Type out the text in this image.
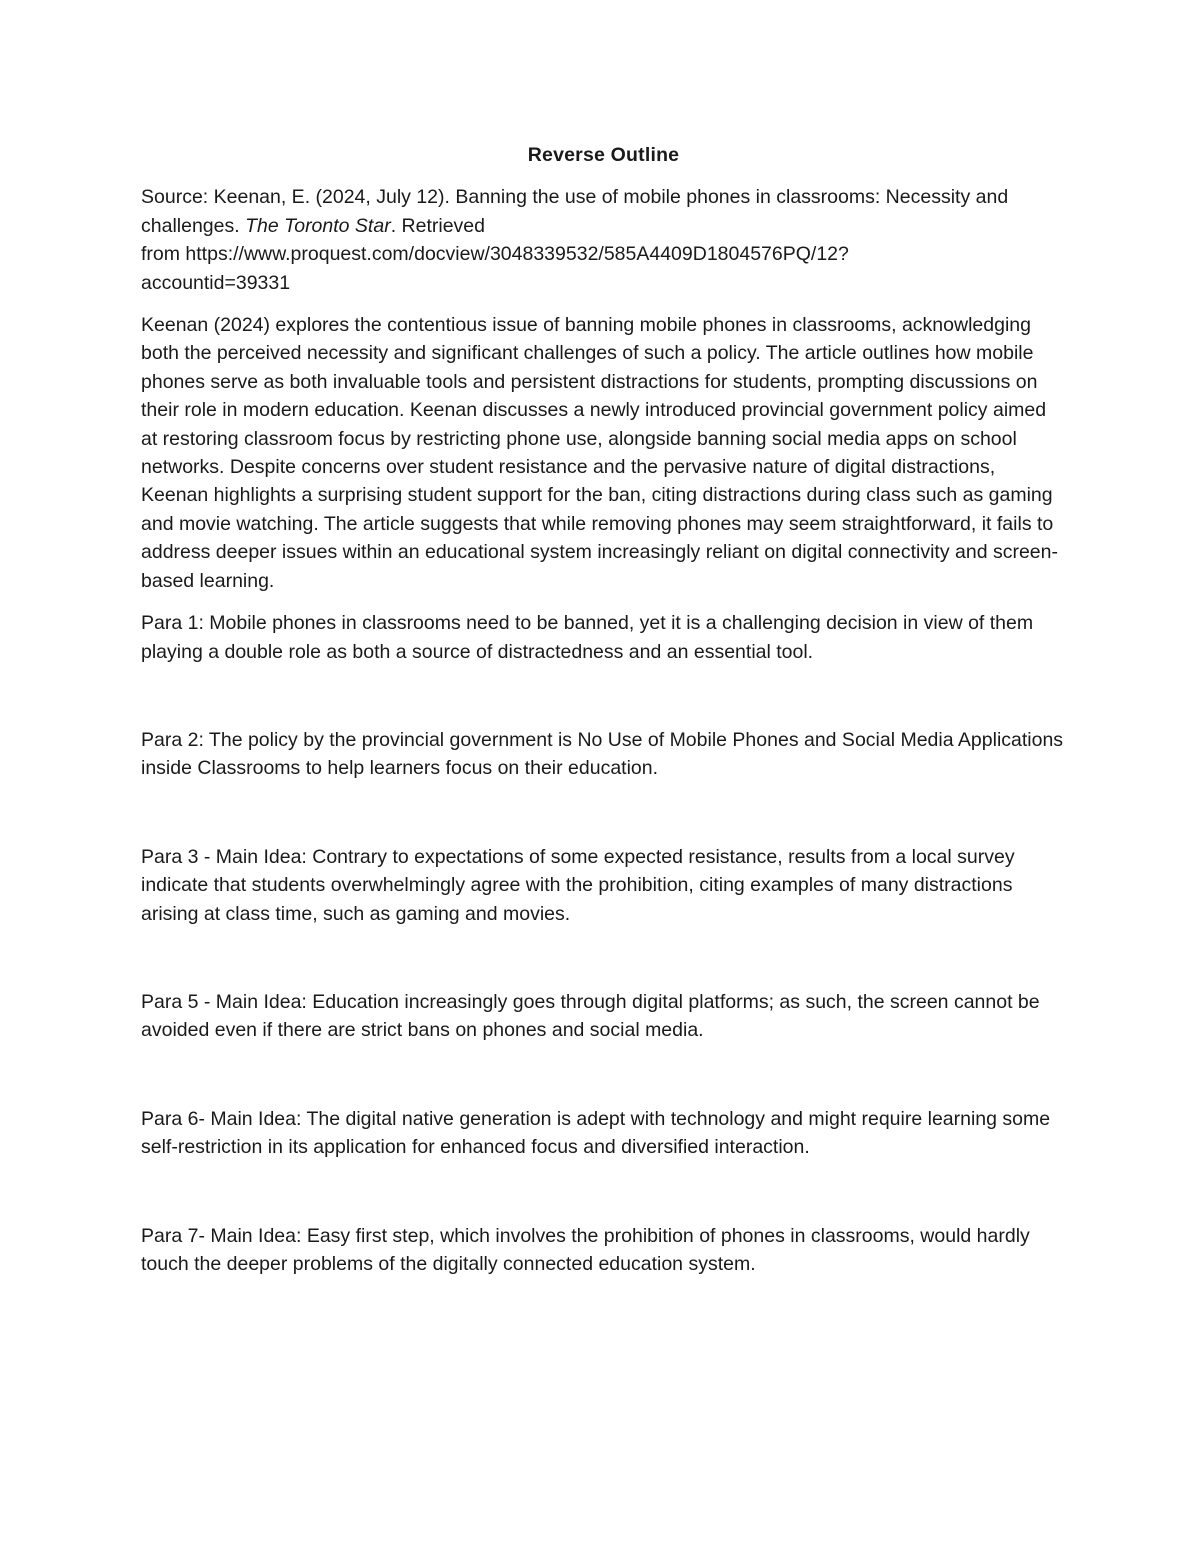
Reverse Outline
Source: Keenan, E. (2024, July 12). Banning the use of mobile phones in classrooms: Necessity and challenges. The Toronto Star. Retrieved
from https://www.proquest.com/docview/3048339532/585A4409D1804576PQ/12?
accountid=39331
Keenan (2024) explores the contentious issue of banning mobile phones in classrooms, acknowledging both the perceived necessity and significant challenges of such a policy. The article outlines how mobile phones serve as both invaluable tools and persistent distractions for students, prompting discussions on their role in modern education. Keenan discusses a newly introduced provincial government policy aimed at restoring classroom focus by restricting phone use, alongside banning social media apps on school networks. Despite concerns over student resistance and the pervasive nature of digital distractions, Keenan highlights a surprising student support for the ban, citing distractions during class such as gaming and movie watching. The article suggests that while removing phones may seem straightforward, it fails to address deeper issues within an educational system increasingly reliant on digital connectivity and screen-based learning.

Para 1: Mobile phones in classrooms need to be banned, yet it is a challenging decision in view of them playing a double role as both a source of distractedness and an essential tool.

Para 2: The policy by the provincial government is No Use of Mobile Phones and Social Media Applications inside Classrooms to help learners focus on their education.

Para 3 - Main Idea: Contrary to expectations of some expected resistance, results from a local survey indicate that students overwhelmingly agree with the prohibition, citing examples of many distractions arising at class time, such as gaming and movies.

Para 5 - Main Idea: Education increasingly goes through digital platforms; as such, the screen cannot be avoided even if there are strict bans on phones and social media.

Para 6- Main Idea: The digital native generation is adept with technology and might require learning some self-restriction in its application for enhanced focus and diversified interaction.

Para 7- Main Idea: Easy first step, which involves the prohibition of phones in classrooms, would hardly touch the deeper problems of the digitally connected education system.
